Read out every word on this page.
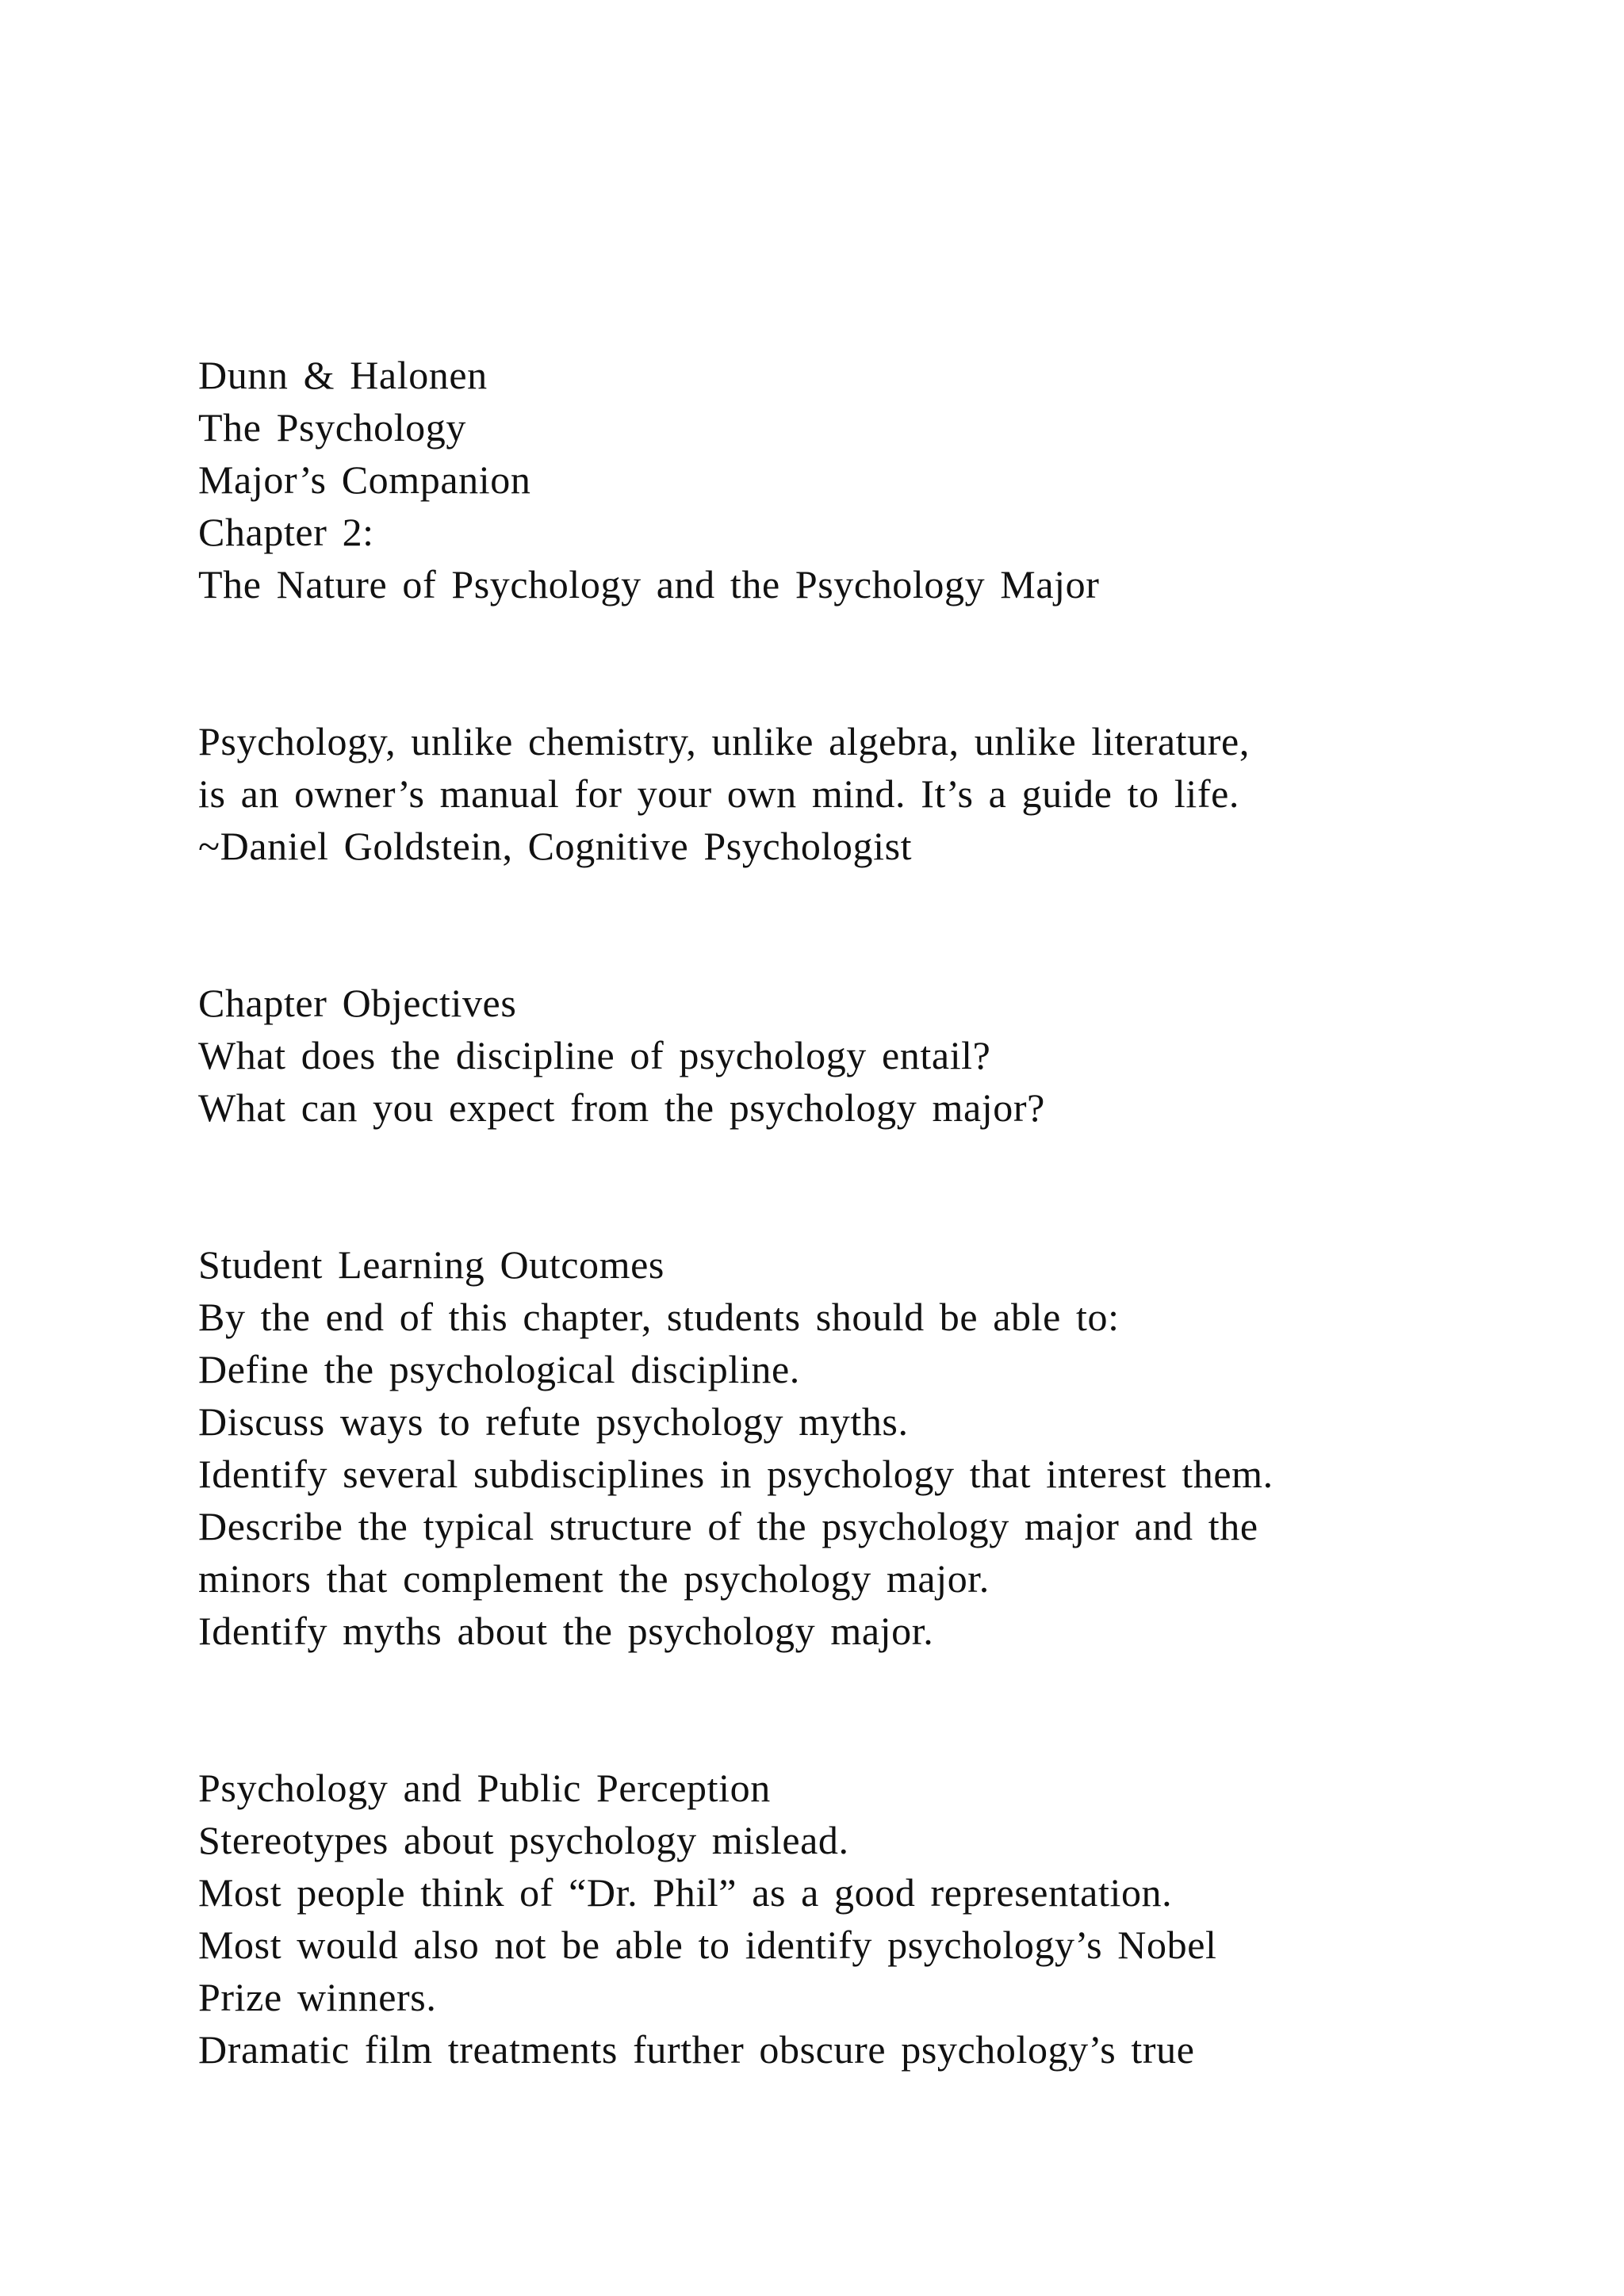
Dunn & Halonen
The Psychology
Major’s Companion
Chapter 2:
The Nature of Psychology and the Psychology Major
Psychology, unlike chemistry, unlike algebra, unlike literature,
is an owner’s manual for your own mind. It’s a guide to life.
~Daniel Goldstein, Cognitive Psychologist
Chapter Objectives
What does the discipline of psychology entail?
What can you expect from the psychology major?
Student Learning Outcomes
By the end of this chapter, students should be able to:
Define the psychological discipline.
Discuss ways to refute psychology myths.
Identify several subdisciplines in psychology that interest them.
Describe the typical structure of the psychology major and the
minors that complement the psychology major.
Identify myths about the psychology major.
Psychology and Public Perception
Stereotypes about psychology mislead.
Most people think of “Dr. Phil” as a good representation.
Most would also not be able to identify psychology’s Nobel
Prize winners.
Dramatic film treatments further obscure psychology’s true
